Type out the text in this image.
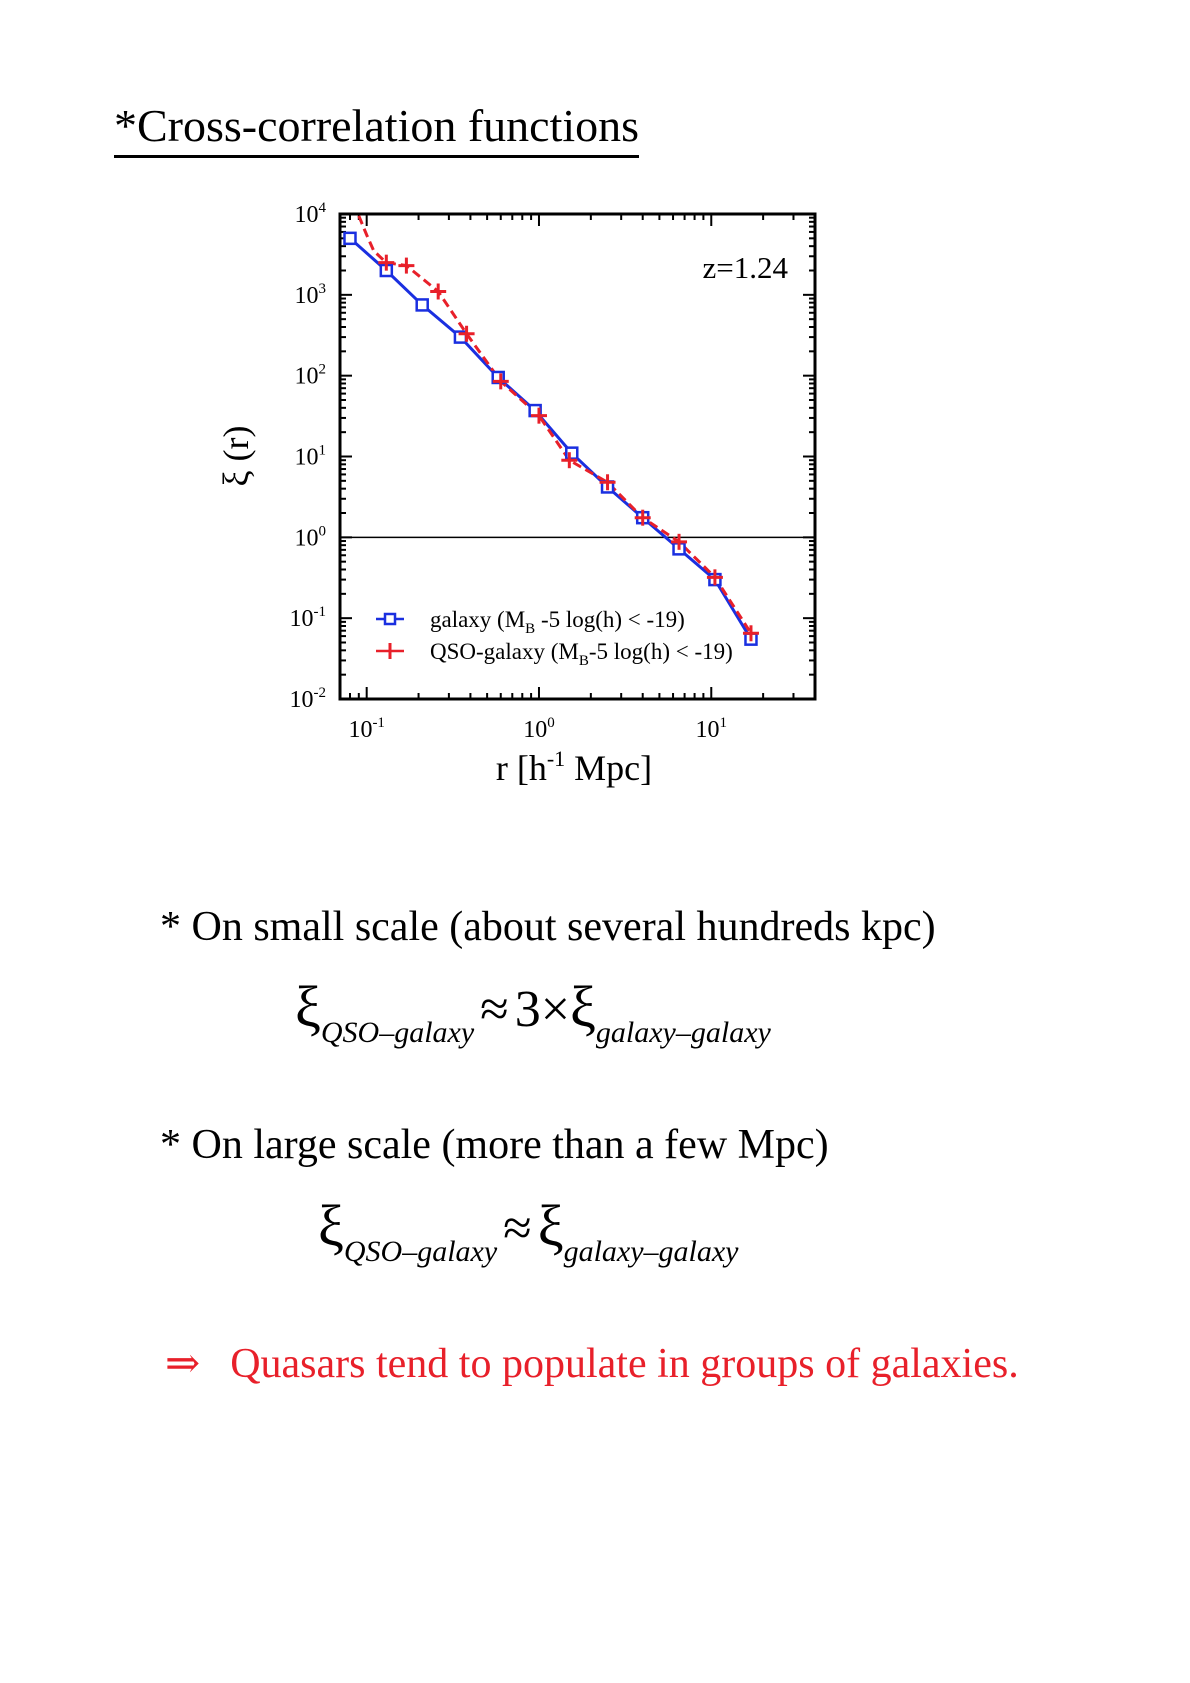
*Cross-correlation functions
$10^{-1}$	$10^0$	$10^1$
$10^4$
$10^3$
$10^2$
$10^1$
$10^0$
$10^{-1}$
$10^{-2}$
z=1.24
galaxy ($M_B$ -5 log(h) < -19)
QSO-galaxy ($M_B-5$ log(h) < -19)
r [$h^{-1}$ Mpc]
ξ (r)
* On small scale (about several hundreds kpc)
$\xi_{QSO-galaxy} \approx 3\times\xi_{galaxy-galaxy}$
* On large scale (more than a few Mpc)
$\xi_{QSO-galaxy} \approx \xi_{galaxy-galaxy}$
⇒ Quasars tend to populate in groups of galaxies.
